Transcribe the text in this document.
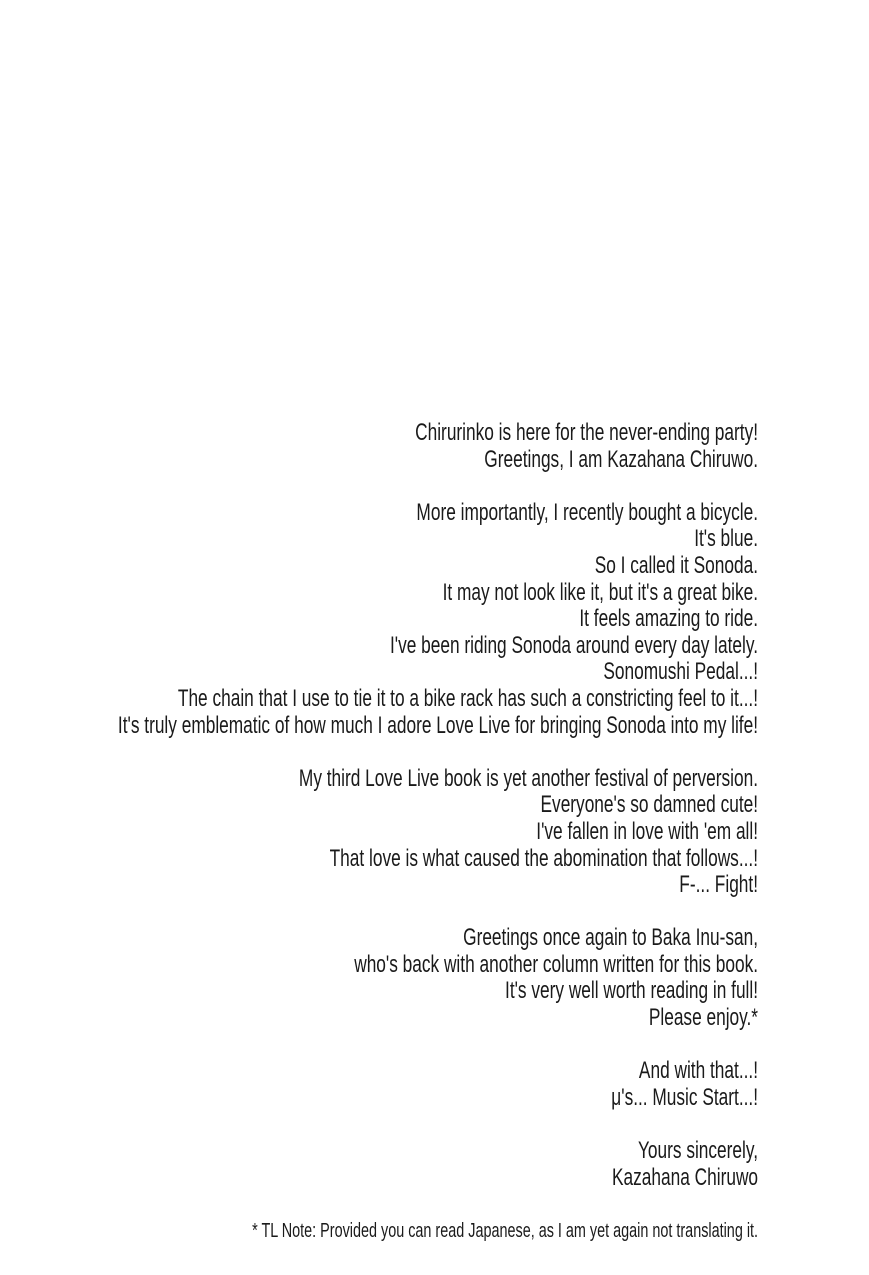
Chirurinko is here for the never-ending party!
Greetings, I am Kazahana Chiruwo.

More importantly, I recently bought a bicycle.
It's blue.
So I called it Sonoda.
It may not look like it, but it's a great bike.
It feels amazing to ride.
I've been riding Sonoda around every day lately.
Sonomushi Pedal...!
The chain that I use to tie it to a bike rack has such a constricting feel to it...!
It's truly emblematic of how much I adore Love Live for bringing Sonoda into my life!

My third Love Live book is yet another festival of perversion.
Everyone's so damned cute!
I've fallen in love with 'em all!
That love is what caused the abomination that follows...!
F-... Fight!

Greetings once again to Baka Inu-san,
who's back with another column written for this book.
It's very well worth reading in full!
Please enjoy.*

And with that...!
μ's... Music Start...!

Yours sincerely,
Kazahana Chiruwo

* TL Note: Provided you can read Japanese, as I am yet again not translating it.
